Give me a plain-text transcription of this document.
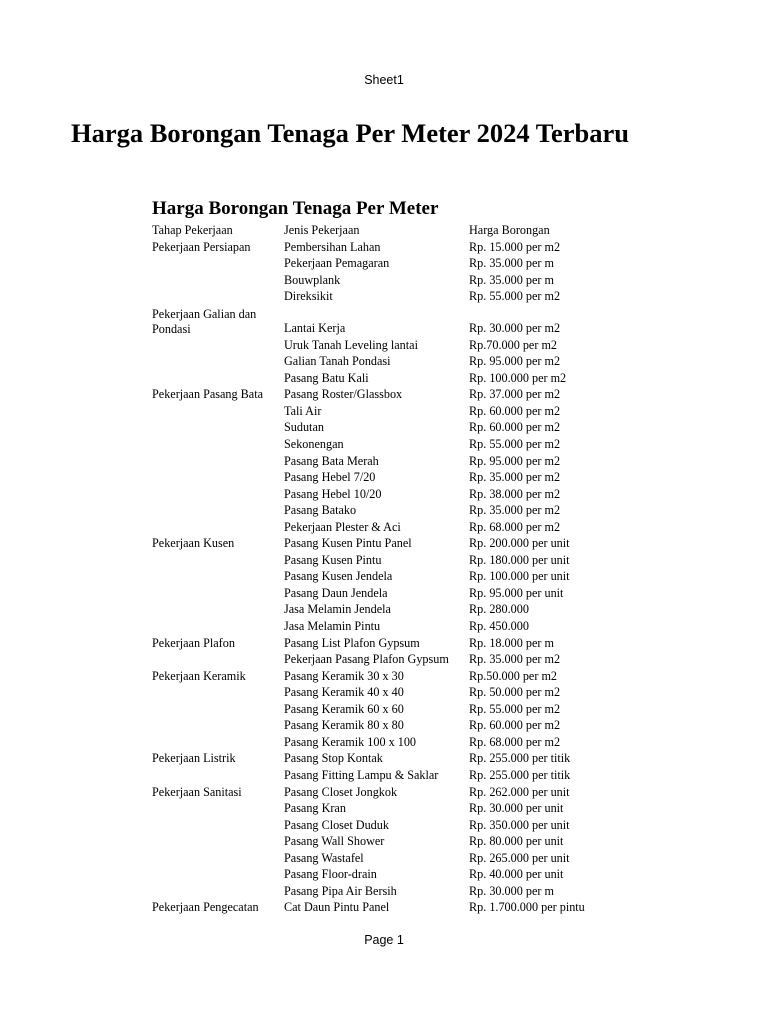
Sheet1
Harga Borongan Tenaga Per Meter 2024 Terbaru
Harga Borongan Tenaga Per Meter
Tahap Pekerjaan	Jenis Pekerjaan	Harga Borongan
Pekerjaan Persiapan	Pembersihan Lahan	Rp. 15.000 per m2
	Pekerjaan Pemagaran	Rp. 35.000 per m
	Bouwplank	Rp. 35.000 per m
	Direksikit	Rp. 55.000 per m2

Pekerjaan Galian dan Pondasi	Lantai Kerja	Rp. 30.000 per m2
	Uruk Tanah Leveling lantai	Rp.70.000 per m2
	Galian Tanah Pondasi	Rp. 95.000 per m2
	Pasang Batu Kali	Rp. 100.000 per m2
Pekerjaan Pasang Bata	Pasang Roster/Glassbox	Rp. 37.000 per m2
	Tali Air	Rp. 60.000 per m2
	Sudutan	Rp. 60.000 per m2
	Sekonengan	Rp. 55.000 per m2
	Pasang Bata Merah	Rp. 95.000 per m2
	Pasang Hebel 7/20	Rp. 35.000 per m2
	Pasang Hebel 10/20	Rp. 38.000 per m2
	Pasang Batako	Rp. 35.000 per m2
	Pekerjaan Plester & Aci	Rp. 68.000 per m2
Pekerjaan Kusen	Pasang Kusen Pintu Panel	Rp. 200.000 per unit
	Pasang Kusen Pintu	Rp. 180.000 per unit
	Pasang Kusen Jendela	Rp. 100.000 per unit
	Pasang Daun Jendela	Rp. 95.000 per unit
	Jasa Melamin Jendela	Rp. 280.000
	Jasa Melamin Pintu	Rp. 450.000
Pekerjaan Plafon	Pasang List Plafon Gypsum	Rp. 18.000 per m
	Pekerjaan Pasang Plafon Gypsum	Rp. 35.000 per m2
Pekerjaan Keramik	Pasang Keramik 30 x 30	Rp.50.000 per m2
	Pasang Keramik 40 x 40	Rp. 50.000 per m2
	Pasang Keramik 60 x 60	Rp. 55.000 per m2
	Pasang Keramik 80 x 80	Rp. 60.000 per m2
	Pasang Keramik 100 x 100	Rp. 68.000 per m2
Pekerjaan Listrik	Pasang Stop Kontak	Rp. 255.000 per titik
	Pasang Fitting Lampu & Saklar	Rp. 255.000 per titik
Pekerjaan Sanitasi	Pasang Closet Jongkok	Rp. 262.000 per unit
	Pasang Kran	Rp. 30.000 per unit
	Pasang Closet Duduk	Rp. 350.000 per unit
	Pasang Wall Shower	Rp. 80.000 per unit
	Pasang Wastafel	Rp. 265.000 per unit
	Pasang Floor-drain	Rp. 40.000 per unit
	Pasang Pipa Air Bersih	Rp. 30.000 per m
Pekerjaan Pengecatan	Cat Daun Pintu Panel	Rp. 1.700.000 per pintu
Page 1
